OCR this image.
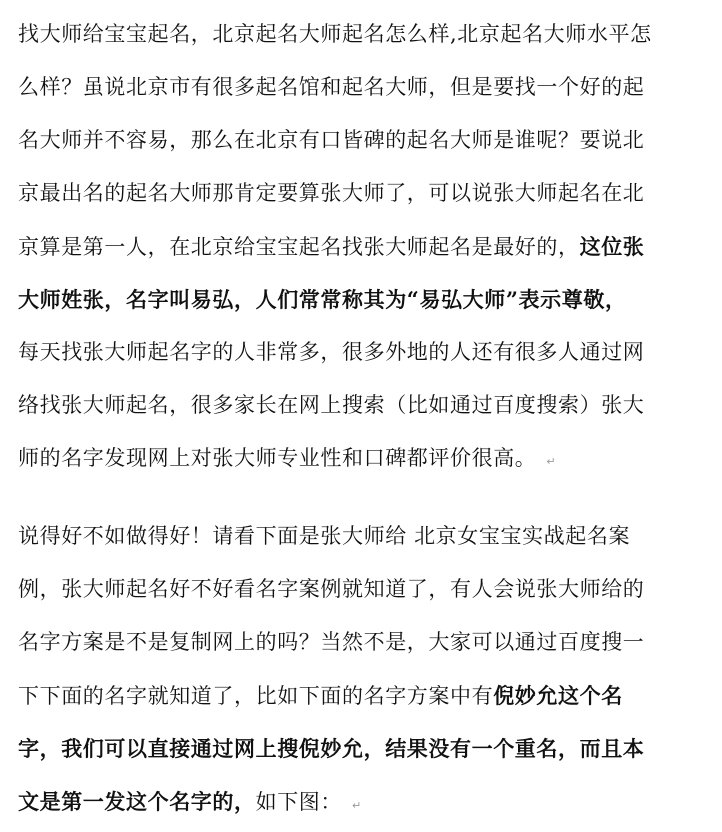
找大师给宝宝起名，北京起名大师起名怎么样,北京起名大师水平怎
么样？虽说北京市有很多起名馆和起名大师，但是要找一个好的起
名大师并不容易，那么在北京有口皆碑的起名大师是谁呢？要说北
京最出名的起名大师那肯定要算张大师了，可以说张大师起名在北
京算是第一人，在北京给宝宝起名找张大师起名是最好的，这位张
大师姓张，名字叫易弘，人们常常称其为“易弘大师”表示尊敬，
每天找张大师起名字的人非常多，很多外地的人还有很多人通过网
络找张大师起名，很多家长在网上搜索（比如通过百度搜索）张大
师的名字发现网上对张大师专业性和口碑都评价很高。 ↵
说得好不如做得好！请看下面是张大师给 北京女宝宝实战起名案
例，张大师起名好不好看名字案例就知道了，有人会说张大师给的
名字方案是不是复制网上的吗？当然不是，大家可以通过百度搜一
下下面的名字就知道了，比如下面的名字方案中有倪妙允这个名
字，我们可以直接通过网上搜倪妙允，结果没有一个重名，而且本
文是第一发这个名字的，如下图： ↵
